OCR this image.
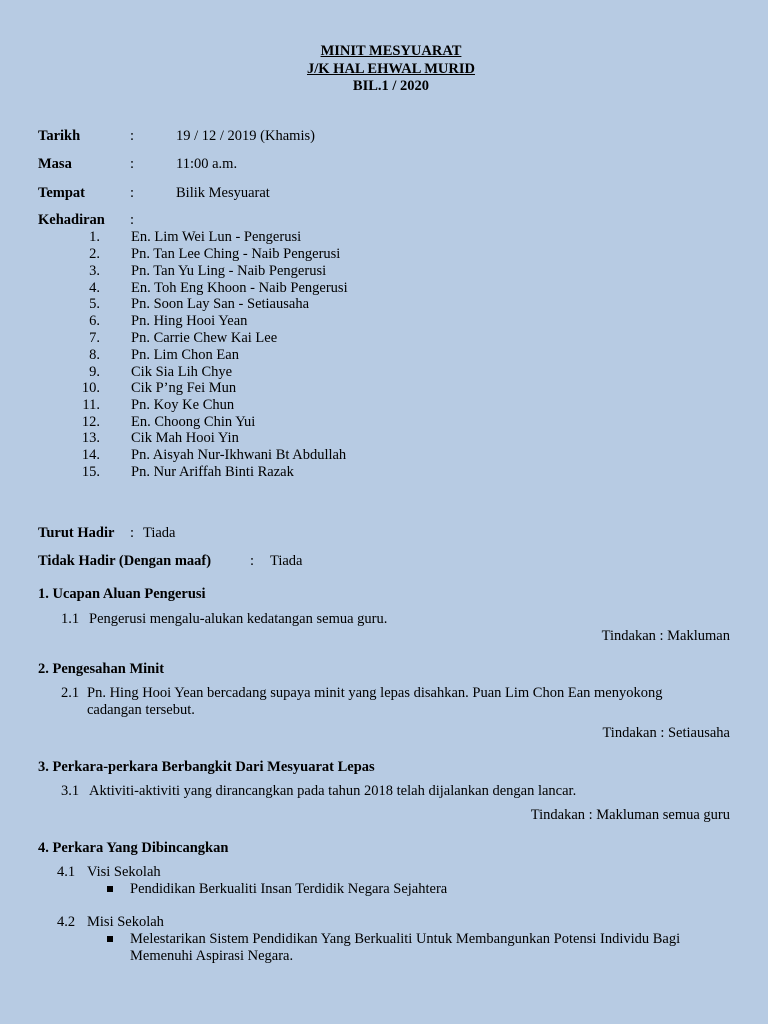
MINIT MESYUARAT
J/K HAL EHWAL MURID
BIL.1 / 2020
Tarikh	:	19 / 12 / 2019 (Khamis)
Masa	:	11:00 a.m.
Tempat	:	Bilik Mesyuarat
Kehadiran :
1. En. Lim Wei Lun - Pengerusi
2. Pn. Tan Lee Ching - Naib Pengerusi
3. Pn. Tan Yu Ling - Naib Pengerusi
4. En. Toh Eng Khoon - Naib Pengerusi
5. Pn. Soon Lay San - Setiausaha
6. Pn. Hing Hooi Yean
7. Pn. Carrie Chew Kai Lee
8. Pn. Lim Chon Ean
9. Cik Sia Lih Chye
10. Cik P’ng Fei Mun
11. Pn. Koy Ke Chun
12. En. Choong Chin Yui
13. Cik Mah Hooi Yin
14. Pn. Aisyah Nur-Ikhwani Bt Abdullah
15. Pn. Nur Ariffah Binti Razak
Turut Hadir : Tiada
Tidak Hadir (Dengan maaf)	: Tiada
1. Ucapan Aluan Pengerusi
1.1 Pengerusi mengalu-alukan kedatangan semua guru.
Tindakan : Makluman
2. Pengesahan Minit
2.1 Pn. Hing Hooi Yean bercadang supaya minit yang lepas disahkan. Puan Lim Chon Ean menyokong
cadangan tersebut.
Tindakan : Setiausaha
3. Perkara-perkara Berbangkit Dari Mesyuarat Lepas
3.1 Aktiviti-aktiviti yang dirancangkan pada tahun 2018 telah dijalankan dengan lancar.
Tindakan : Makluman semua guru
4. Perkara Yang Dibincangkan
4.1 Visi Sekolah
Pendidikan Berkualiti Insan Terdidik Negara Sejahtera
4.2 Misi Sekolah
Melestarikan Sistem Pendidikan Yang Berkualiti Untuk Membangunkan Potensi Individu Bagi
Memenuhi Aspirasi Negara.
